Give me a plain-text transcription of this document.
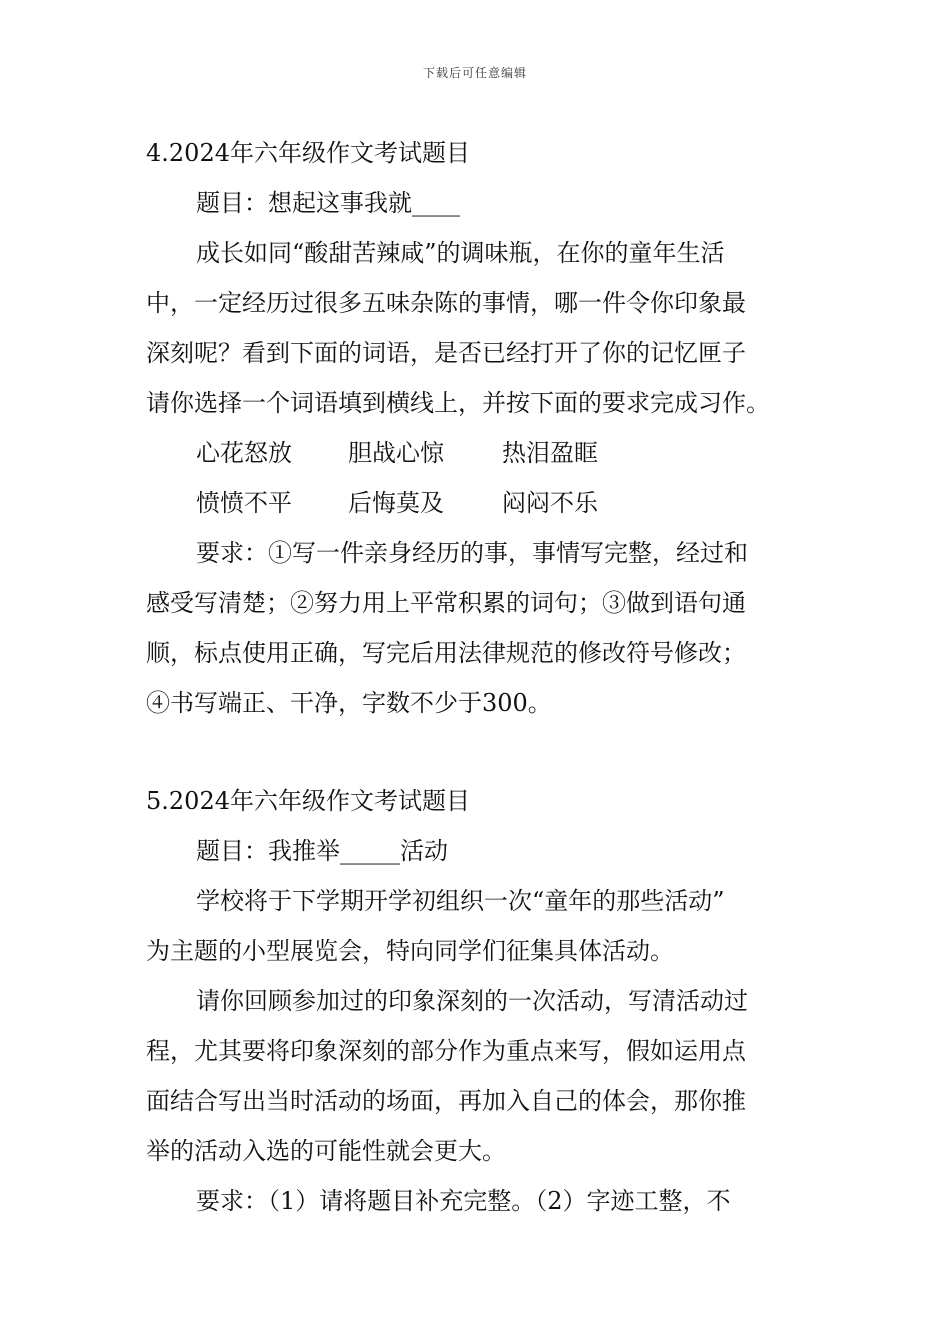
下载后可任意编辑
4.2024年六年级作文考试题目
题目：想起这事我就____
成长如同“酸甜苦辣咸”的调味瓶，在你的童年生活
中，一定经历过很多五味杂陈的事情，哪一件令你印象最
深刻呢？看到下面的词语，是否已经打开了你的记忆匣子
请你选择一个词语填到横线上，并按下面的要求完成习作。
心花怒放 胆战心惊 热泪盈眶
愤愤不平 后悔莫及 闷闷不乐
要求：①写一件亲身经历的事，事情写完整，经过和
感受写清楚；②努力用上平常积累的词句；③做到语句通
顺，标点使用正确，写完后用法律规范的修改符号修改；
④书写端正、干净，字数不少于300。
5.2024年六年级作文考试题目
题目：我推举_____活动
学校将于下学期开学初组织一次“童年的那些活动”
为主题的小型展览会，特向同学们征集具体活动。
请你回顾参加过的印象深刻的一次活动，写清活动过
程，尤其要将印象深刻的部分作为重点来写，假如运用点
面结合写出当时活动的场面，再加入自己的体会，那你推
举的活动入选的可能性就会更大。
要求：（1）请将题目补充完整。（2）字迹工整，不
